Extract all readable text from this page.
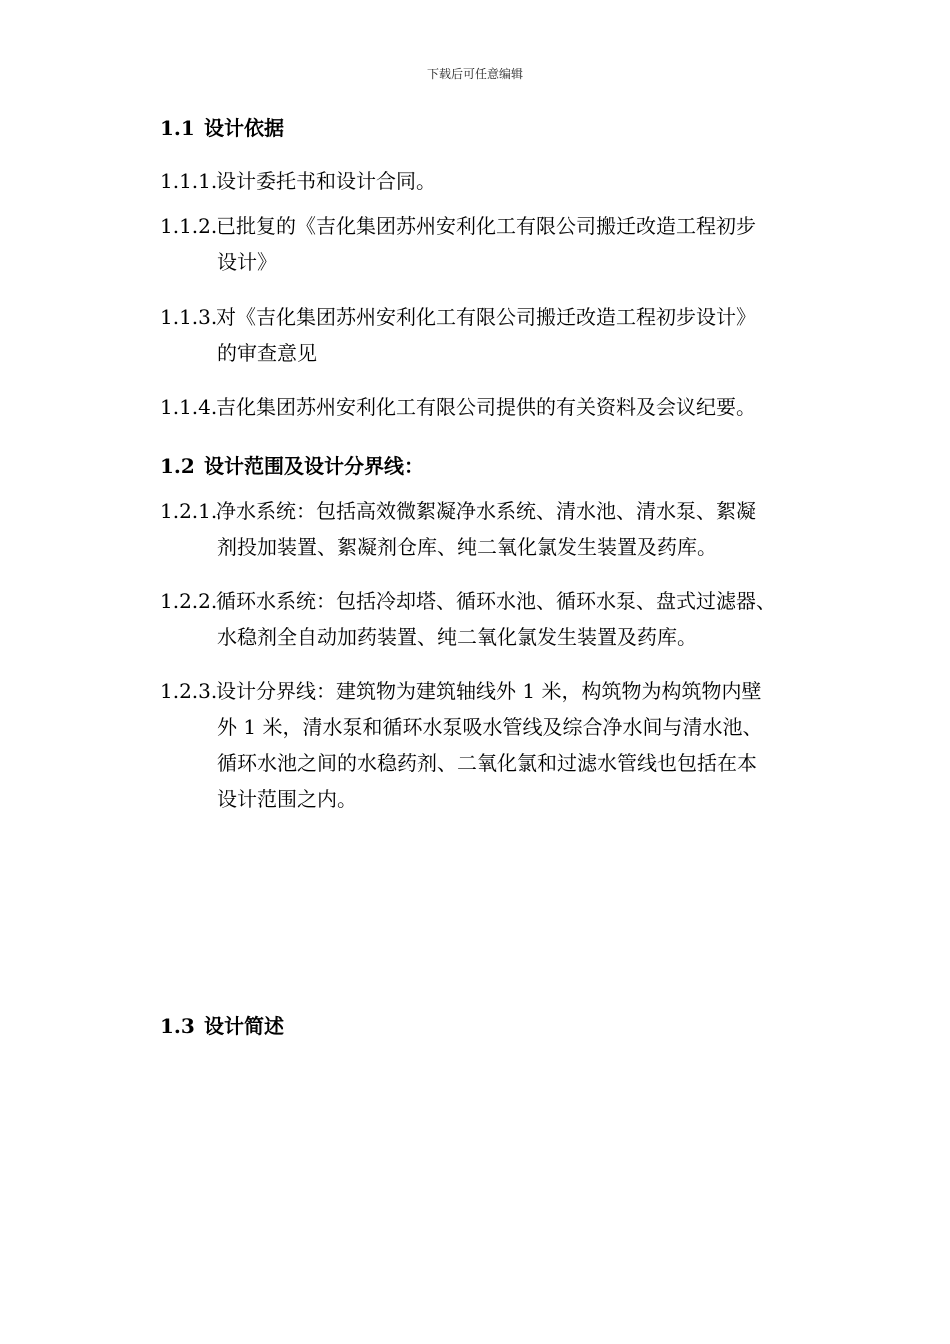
下载后可任意编辑
1.1 设计依据
1.1.1.
设计委托书和设计合同。
1.1.2.
已批复的《吉化集团苏州安利化工有限公司搬迁改造工程初步
设计》
1.1.3.
对《吉化集团苏州安利化工有限公司搬迁改造工程初步设计》
的审查意见
1.1.4.
吉化集团苏州安利化工有限公司提供的有关资料及会议纪要。
1.2 设计范围及设计分界线：
1.2.1.
净水系统：包括高效微絮凝净水系统、清水池、清水泵、絮凝
剂投加装置、絮凝剂仓库、纯二氧化氯发生装置及药库。
1.2.2.
循环水系统：包括冷却塔、循环水池、循环水泵、盘式过滤器、
水稳剂全自动加药装置、纯二氧化氯发生装置及药库。
1.2.3.
设计分界线：建筑物为建筑轴线外 1 米，构筑物为构筑物内壁
外 1 米，清水泵和循环水泵吸水管线及综合净水间与清水池、
循环水池之间的水稳药剂、二氧化氯和过滤水管线也包括在本
设计范围之内。
1.3 设计简述
